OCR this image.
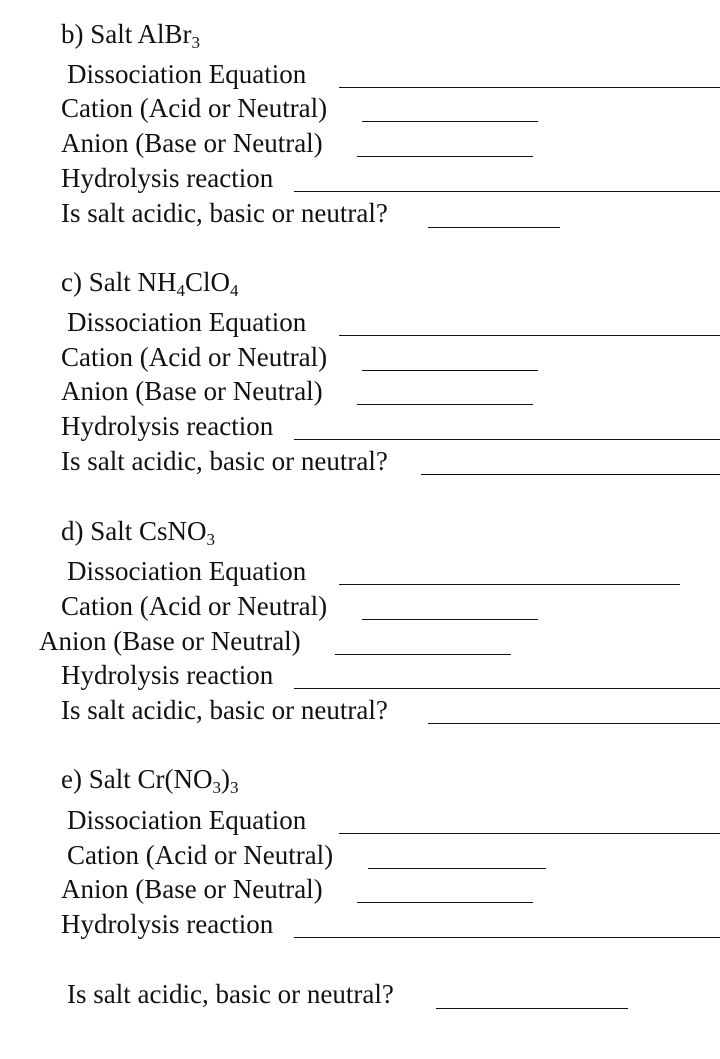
b) Salt AlBr$_3$
Dissociation Equation
Cation (Acid or Neutral)
Anion (Base or Neutral)
Hydrolysis reaction
Is salt acidic, basic or neutral?
c) Salt $NH_4ClO_4$
Dissociation Equation
Cation (Acid or Neutral)
Anion (Base or Neutral)
Hydrolysis reaction
Is salt acidic, basic or neutral?
d) Salt CsNO$_3$
Dissociation Equation
Cation (Acid or Neutral)
Anion (Base or Neutral)
Hydrolysis reaction
Is salt acidic, basic or neutral?
e) Salt $Cr(NO_3)_3$
Dissociation Equation
Cation (Acid or Neutral)
Anion (Base or Neutral)
Hydrolysis reaction
Is salt acidic, basic or neutral?
